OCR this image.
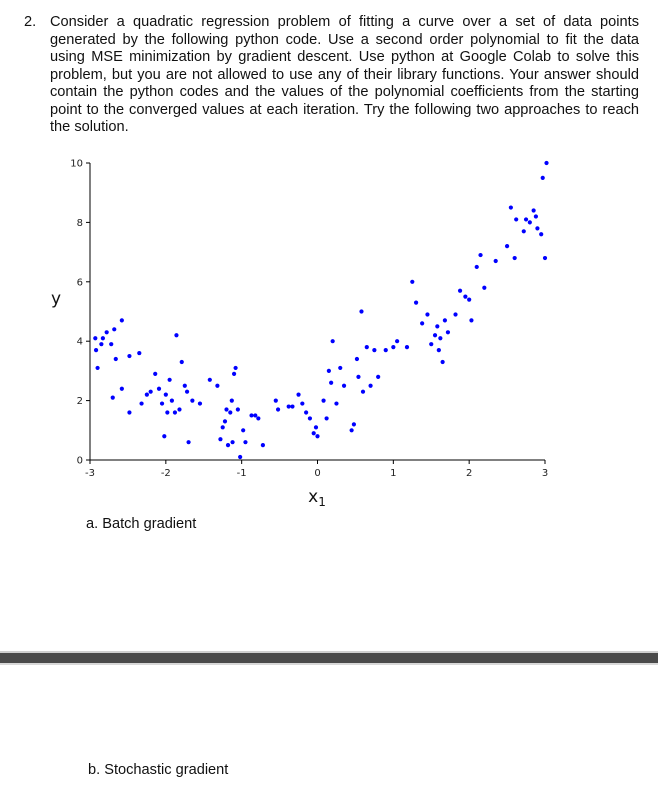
2. Consider a quadratic regression problem of fitting a curve over a set of data points generated by the following python code. Use a second order polynomial to fit the data using MSE minimization by gradient descent. Use python at Google Colab to solve this problem, but you are not allowed to use any of their library functions. Your answer should contain the python codes and the values of the polynomial coefficients from the starting point to the converged values at each iteration. Try the following two approaches to reach the solution.
-3	-2	-1	0	1	2	3
0
2
4
6
8
10
y
$x_1$
a. Batch gradient
b. Stochastic gradient
